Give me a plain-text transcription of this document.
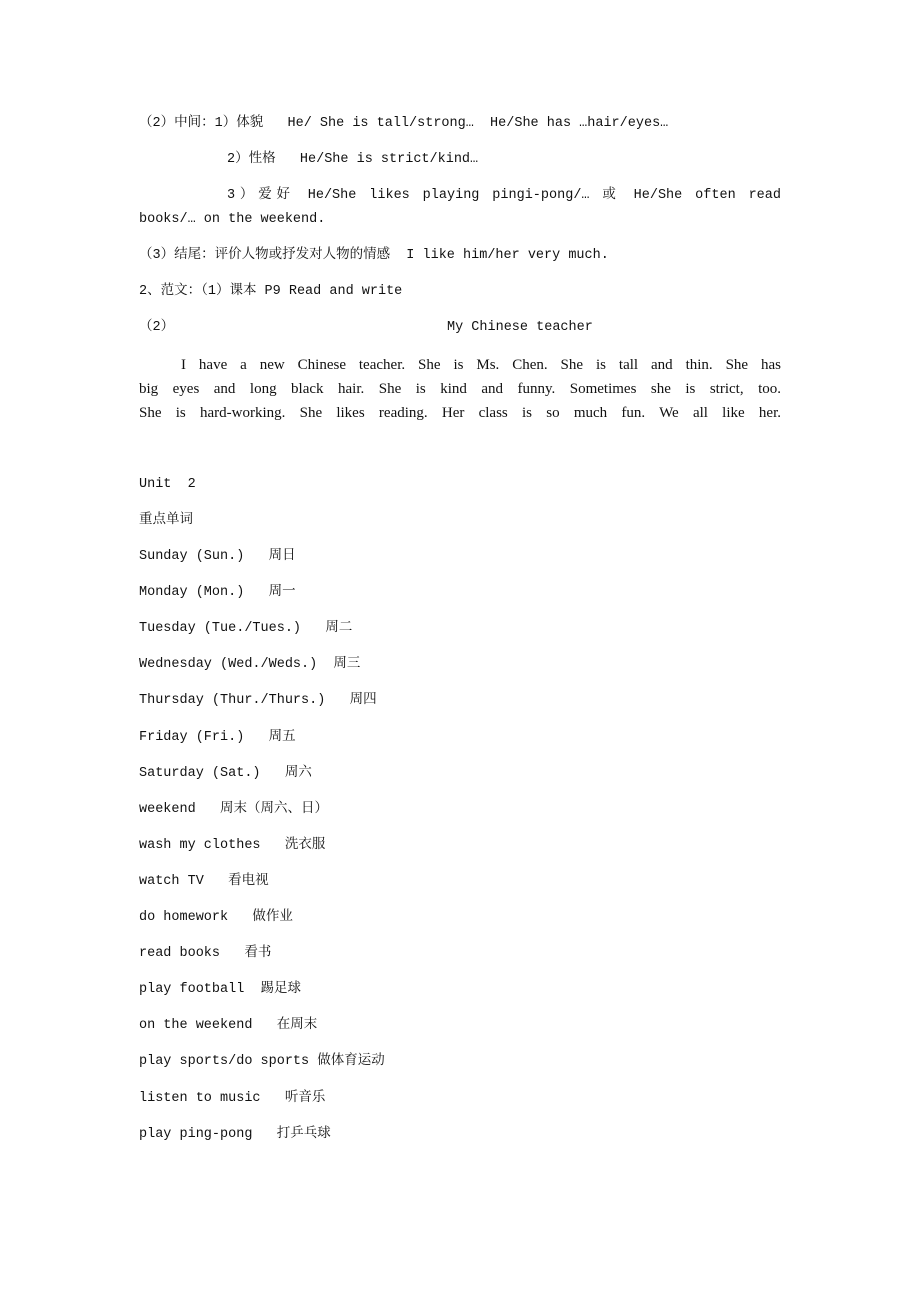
（2）中间：1）体貌   He/ She is tall/strong…  He/She has …hair/eyes…
2）性格   He/She is strict/kind…
3）爱好 He/She likes playing pingi-pong/… 或 He/She often read
books/… on the weekend.
（3）结尾：评价人物或抒发对人物的情感  I like him/her very much.
2、范文：（1）课本 P9 Read and write
（2）	My Chinese teacher
I have a new Chinese teacher. She is Ms. Chen. She is tall and thin. She has
big eyes and long black hair. She is kind and funny. Sometimes she is strict, too.
She is hard-working. She likes reading. Her class is so much fun. We all like her.
Unit  2
重点单词
Sunday (Sun.)   周日
Monday (Mon.)   周一
Tuesday (Tue./Tues.)   周二
Wednesday (Wed./Weds.)  周三
Thursday (Thur./Thurs.)   周四
Friday (Fri.)   周五
Saturday (Sat.)   周六
weekend   周末（周六、日）
wash my clothes   洗衣服
watch TV   看电视
do homework   做作业
read books   看书
play football  踢足球
on the weekend   在周末
play sports/do sports 做体育运动
listen to music   听音乐
play ping-pong   打乒乓球
